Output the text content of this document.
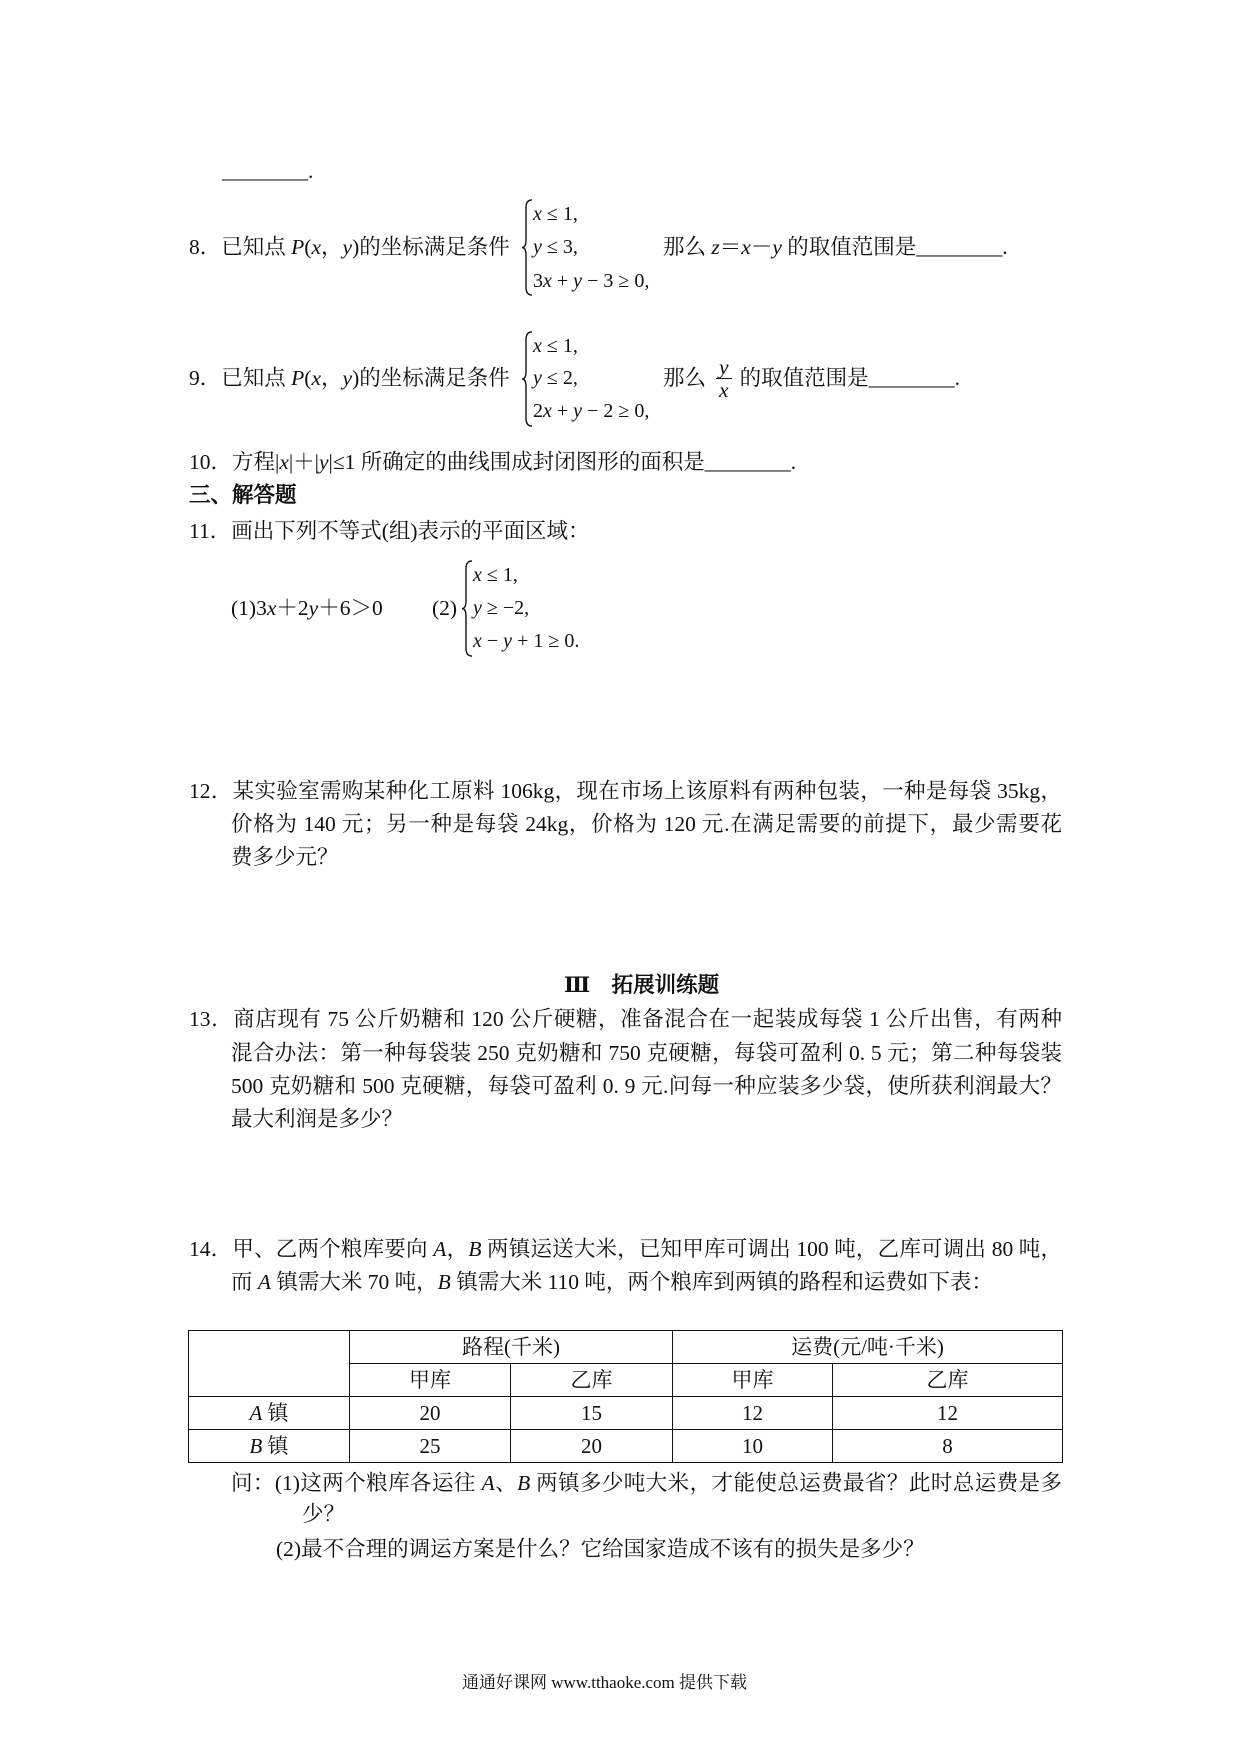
________.
8．已知点 P(x，y)的坐标满足条件
x ≤ 1,
y ≤ 3,
3x + y − 3 ≥ 0,
那么 z＝x－y 的取值范围是________.
9．已知点 P(x，y)的坐标满足条件
x ≤ 1,
y ≤ 2,
2x + y − 2 ≥ 0,
那么 $\frac{y}{x}$ 的取值范围是________.
10．方程|x|＋|y|≤1 所确定的曲线围成封闭图形的面积是________.
三、解答题
11．画出下列不等式(组)表示的平面区域：
(1)3x＋2y＋6＞0 (2)
x ≤ 1,
y ≥ −2,
x − y + 1 ≥ 0.
12．某实验室需购某种化工原料 106kg，现在市场上该原料有两种包装，一种是每袋 35kg，
价格为 140 元；另一种是每袋 24kg，价格为 120 元.在满足需要的前提下，最少需要花
费多少元？
Ⅲ　拓展训练题
13．商店现有 75 公斤奶糖和 120 公斤硬糖，准备混合在一起装成每袋 1 公斤出售，有两种
混合办法：第一种每袋装 250 克奶糖和 750 克硬糖，每袋可盈利 0. 5 元；第二种每袋装
500 克奶糖和 500 克硬糖，每袋可盈利 0. 9 元.问每一种应装多少袋，使所获利润最大？
最大利润是多少？
14．甲、乙两个粮库要向 A，B 两镇运送大米，已知甲库可调出 100 吨，乙库可调出 80 吨，
而 A 镇需大米 70 吨，B 镇需大米 110 吨，两个粮库到两镇的路程和运费如下表：
	路程(千米)		运费(元/吨·千米)	
	甲库	乙库	甲库	乙库
A 镇	20	15	12	12
B 镇	25	20	10	8
问：(1)这两个粮库各运往 A、B 两镇多少吨大米，才能使总运费最省？此时总运费是多
少？
(2)最不合理的调运方案是什么？它给国家造成不该有的损失是多少？
通通好课网 www.tthaoke.com 提供下载
